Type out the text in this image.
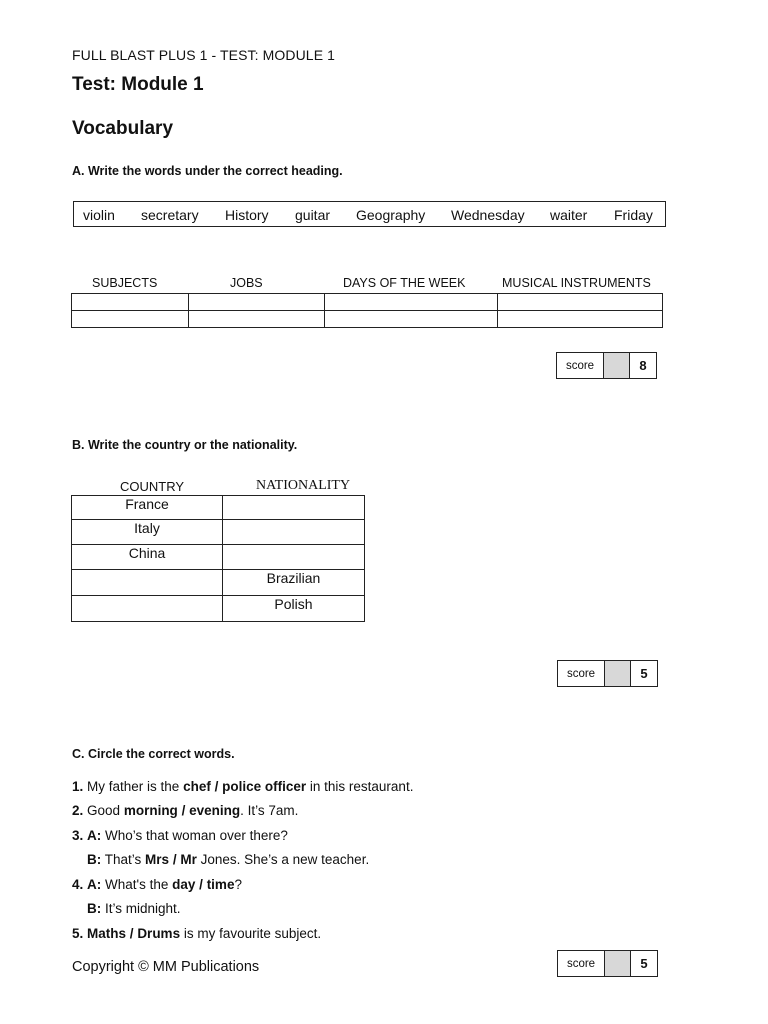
FULL BLAST PLUS 1 - TEST: MODULE 1
Test: Module 1
Vocabulary
A. Write the words under the correct heading.
violin secretary History guitar Geography Wednesday waiter Friday
SUBJECTS	JOBS	DAYS OF THE WEEK	MUSICAL INSTRUMENTS

score	8
B. Write the country or the nationality.
COUNTRY	NATIONALITY
France	
Italy	
China	
	Brazilian
	Polish
score	5
C. Circle the correct words.
1. My father is the chef / police officer in this restaurant.
2. Good morning / evening. It’s 7am.
3. A: Who’s that woman over there?
B: That’s Mrs / Mr Jones. She’s a new teacher.
4. A: What's the day / time?
B: It’s midnight.
5. Maths / Drums is my favourite subject.
score	5
Copyright © MM Publications
